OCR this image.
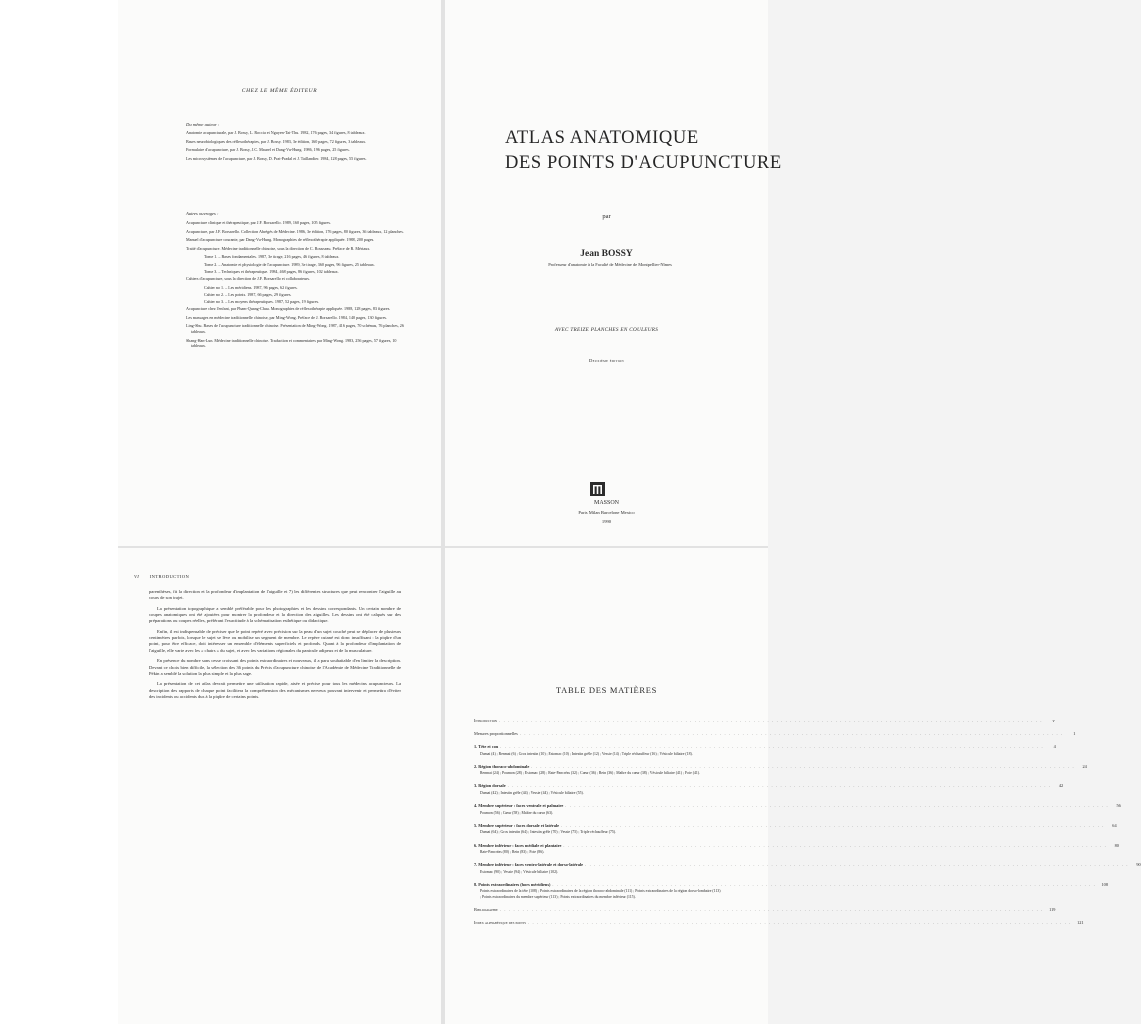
CHEZ LE MÊME ÉDITEUR
Du même auteur :
Anatomie acupuncturale, par J. Bossy, L. Roccia et Nguyen-Tai-Thu. 1982, 176 pages, 34 figures, 8 tableaux.
Bases neurobiologiques des réflexothérapies, par J. Bossy. 1983, 3e édition, 160 pages, 72 figures, 3 tableaux.
Formulaire d'acupuncture, par J. Bossy, J.C. Maurel et Dang-Vu-Hung. 1986, 196 pages, 25 figures.
Les microsystèmes de l'acupuncture, par J. Bossy, D. Prat-Pradal et J. Taillandier. 1984, 128 pages, 55 figures.
Autres ouvrages :
Acupuncture clinique et thérapeutique, par J.F. Borsarello. 1989, 160 pages, 105 figures.
Acupuncture, par J.F. Borsarello. Collection Abrégés de Médecine. 1986, 3e édition, 176 pages, 80 figures, 36 tableaux, 12 planches.
Manuel d'acupuncture courante, par Dang-Vu-Hung. Monographies de réflexothérapie appliquée. 1988, 200 pages.
Traité d'acupuncture. Médecine traditionnelle chinoise, sous la direction de C. Rousseau. Préface de R. Mériaux.
Tome 1. – Bases fondamentales. 1987, 3e tirage, 216 pages, 46 figures, 8 tableaux.
Tome 2. – Anatomie et physiologie de l'acupuncture. 1989, 3e tirage, 360 pages, 96 figures, 25 tableaux.
Tome 3. – Techniques et thérapeutique. 1984, 468 pages, 86 figures, 102 tableaux.
Cahiers d'acupuncture, sous la direction de J.F. Borsarello et collaborateurs.
Cahier no 1. – Les méridiens. 1987, 96 pages, 62 figures.
Cahier no 2. – Les points. 1987, 66 pages, 29 figures.
Cahier no 3. – Les moyens thérapeutiques. 1987, 52 pages, 19 figures.
Acupuncture chez l'enfant, par Pham-Quang-Chau. Monographies de réflexothérapie appliquée. 1988, 128 pages, 83 figures.
Les massages en médecine traditionnelle chinoise, par Ming-Wong. Préface de J. Borsarello. 1984, 140 pages, 130 figures.
Ling-Shu. Bases de l'acupuncture traditionnelle chinoise. Présentation de Ming-Wong. 1987, 416 pages, 70 schémas, 76 planches, 26 tableaux.
Shang-Han-Lun. Médecine traditionnelle chinoise. Traduction et commentaires par Ming-Wong. 1983, 256 pages, 57 figures, 10 tableaux.
ATLAS ANATOMIQUE
DES POINTS D'ACUPUNCTURE
par
Jean BOSSY
Professeur d'anatomie à la Faculté de Médecine de Montpellier-Nîmes
AVEC TREIZE PLANCHES EN COULEURS
Deuxième édition
MASSON
Paris Milan Barcelone Mexico
1990
VI INTRODUCTION

parenthèses, fit la direction et la profondeur d'implantation de l'aiguille et 7) les différentes structures que peut rencontrer l'aiguille au cours de son trajet.

La présentation topographique a semblé préférable pour les photographies et les dessins correspondants. Un certain nombre de coupes anatomiques ont été ajoutées pour montrer la profondeur et la direction des aiguilles. Les dessins ont été calqués sur des préparations ou coupes réelles, préférant l'exactitude à la schématisation esthétique ou didactique.

Enfin, il est indispensable de préciser que le point repéré avec précision sur la peau d'un sujet couché peut se déplacer de plusieurs centimètres parfois, lorsque le sujet se lève ou mobilise un segment de membre. Le repère cutané est donc insuffisant : la piqûre d'un point, pour être efficace, doit intéresser un ensemble d'éléments superficiels et profonds. Quant à la profondeur d'implantation de l'aiguille, elle varie avec les « chairs » du sujet, et avec les variations régionales du panicule adipeux et de la musculature.

En présence du nombre sans cesse croissant des points extraordinaires et nouveaux, il a paru souhaitable d'en limiter la description. Devant ce choix bien difficile, la sélection des 36 points du Précis d'acupuncture chinoise de l'Académie de Médecine Traditionnelle de Pékin a semblé la solution la plus simple et la plus sage.

La présentation de cet atlas devrait permettre une utilisation rapide, aisée et précise pour tous les médecins acupuncteurs. La description des rapports de chaque point facilitera la compréhension des mécanismes nerveux pouvant intervenir et permettra d'éviter des incidents ou accidents dus à la piqûre de certains points.

TABLE DES MATIÈRES
Introduction . . . . . . . . . . . . . . . . . . . . . . . . . . . . . . . . . . . . . . . . . . . . . . . . . . . . . . . . . . . . . . . . . . . . . . . . . . . . . . . . . . . . . . . . . . . . . . . . . . . . . . . . . . . . . . . . . . . . . . . .	v
Mesures proportionnelles . . . . . . . . . . . . . . . . . . . . . . . . . . . . . . . . . . . . . . . . . . . . . . . . . . . . . . . . . . . . . . . . . . . . . . . . . . . . . . . . . . . . . . . . . . . . . . . . . . . . . . . . . . . . . . . . . . . . . . . .	1
1. Tête et cou . . . . . . . . . . . . . . . . . . . . . . . . . . . . . . . . . . . . . . . . . . . . . . . . . . . . . . . . . . . . . . . . . . . . . . . . . . . . . . . . . . . . . . . . . . . . . . . . . . . . . . . . . . . . . . . . . . . . . . . .	4
Dumai (4) ; Renmai (6) ; Gros intestin (10) ; Estomac (10) ; Intestin grêle (12) ; Vessie (14) ; Triple réchauffeur (16) ; Vésicule biliaire (18).
2. Région thoraco-abdominale . . . . . . . . . . . . . . . . . . . . . . . . . . . . . . . . . . . . . . . . . . . . . . . . . . . . . . . . . . . . . . . . . . . . . . . . . . . . . . . . . . . . . . . . . . . . . . . . . . . . . . . . . . . . . . . . . . . . . . . .	24
Renmai (24) ; Poumon (28) ; Estomac (28) ; Rate-Pancréas (32) ; Cœur (36) ; Rein (36) ; Maître du cœur (38) ; Vésicule biliaire (41) ; Foie (41).
3. Région dorsale . . . . . . . . . . . . . . . . . . . . . . . . . . . . . . . . . . . . . . . . . . . . . . . . . . . . . . . . . . . . . . . . . . . . . . . . . . . . . . . . . . . . . . . . . . . . . . . . . . . . . . . . . . . . . . . . . . . . . . . .	42
Dumai (42) ; Intestin grêle (44) ; Vessie (44) ; Vésicule biliaire (55).
4. Membre supérieur : faces ventrale et palmaire . . . . . . . . . . . . . . . . . . . . . . . . . . . . . . . . . . . . . . . . . . . . . . . . . . . . . . . . . . . . . . . . . . . . . . . . . . . . . . . . . . . . . . . . . . . . . . . . . . . . . . . . . . . . . . . . . . . . . . . .	56
Poumon (56) ; Cœur (58) ; Maître du cœur (63).
5. Membre supérieur : faces dorsale et latérale . . . . . . . . . . . . . . . . . . . . . . . . . . . . . . . . . . . . . . . . . . . . . . . . . . . . . . . . . . . . . . . . . . . . . . . . . . . . . . . . . . . . . . . . . . . . . . . . . . . . . . . . . . . . . . . . . . . . . . . .	64
Dumai (64) ; Gros intestin (64) ; Intestin grêle (70) ; Vessie (75) ; Triple réchauffeur (75).
6. Membre inférieur : faces médiale et plantaire . . . . . . . . . . . . . . . . . . . . . . . . . . . . . . . . . . . . . . . . . . . . . . . . . . . . . . . . . . . . . . . . . . . . . . . . . . . . . . . . . . . . . . . . . . . . . . . . . . . . . . . . . . . . . . . . . . . . . . . .	80
Rate-Pancréas (80) ; Rein (83) ; Foie (86).
7. Membre inférieur : faces ventro-latérale et dorso-latérale . . . . . . . . . . . . . . . . . . . . . . . . . . . . . . . . . . . . . . . . . . . . . . . . . . . . . . . . . . . . . . . . . . . . . . . . . . . . . . . . . . . . . . . . . . . . . . . . . . . . . . . . . . . . . . . . . . . . . . . .	90
Estomac (90) ; Vessie (94) ; Vésicule biliaire (102).
8. Points extraordinaires (hors méridiens) . . . . . . . . . . . . . . . . . . . . . . . . . . . . . . . . . . . . . . . . . . . . . . . . . . . . . . . . . . . . . . . . . . . . . . . . . . . . . . . . . . . . . . . . . . . . . . . . . . . . . . . . . . . . . . . . . . . . . . . .	108
Points extraordinaires de la tête (108) ; Points extraordinaires de la région thoraco-abdominale (111) ; Points extraordinaires de la région dorso-lombaire (113) ; Points extraordinaires du membre supérieur (113) ; Points extraordinaires du membre inférieur (115).
Bibliographie . . . . . . . . . . . . . . . . . . . . . . . . . . . . . . . . . . . . . . . . . . . . . . . . . . . . . . . . . . . . . . . . . . . . . . . . . . . . . . . . . . . . . . . . . . . . . . . . . . . . . . . . . . . . . . . . . . . . . . . .	119
Index alphabétique des points . . . . . . . . . . . . . . . . . . . . . . . . . . . . . . . . . . . . . . . . . . . . . . . . . . . . . . . . . . . . . . . . . . . . . . . . . . . . . . . . . . . . . . . . . . . . . . . . . . . . . . . . . . . . . . . . . . . . . . . .	121
